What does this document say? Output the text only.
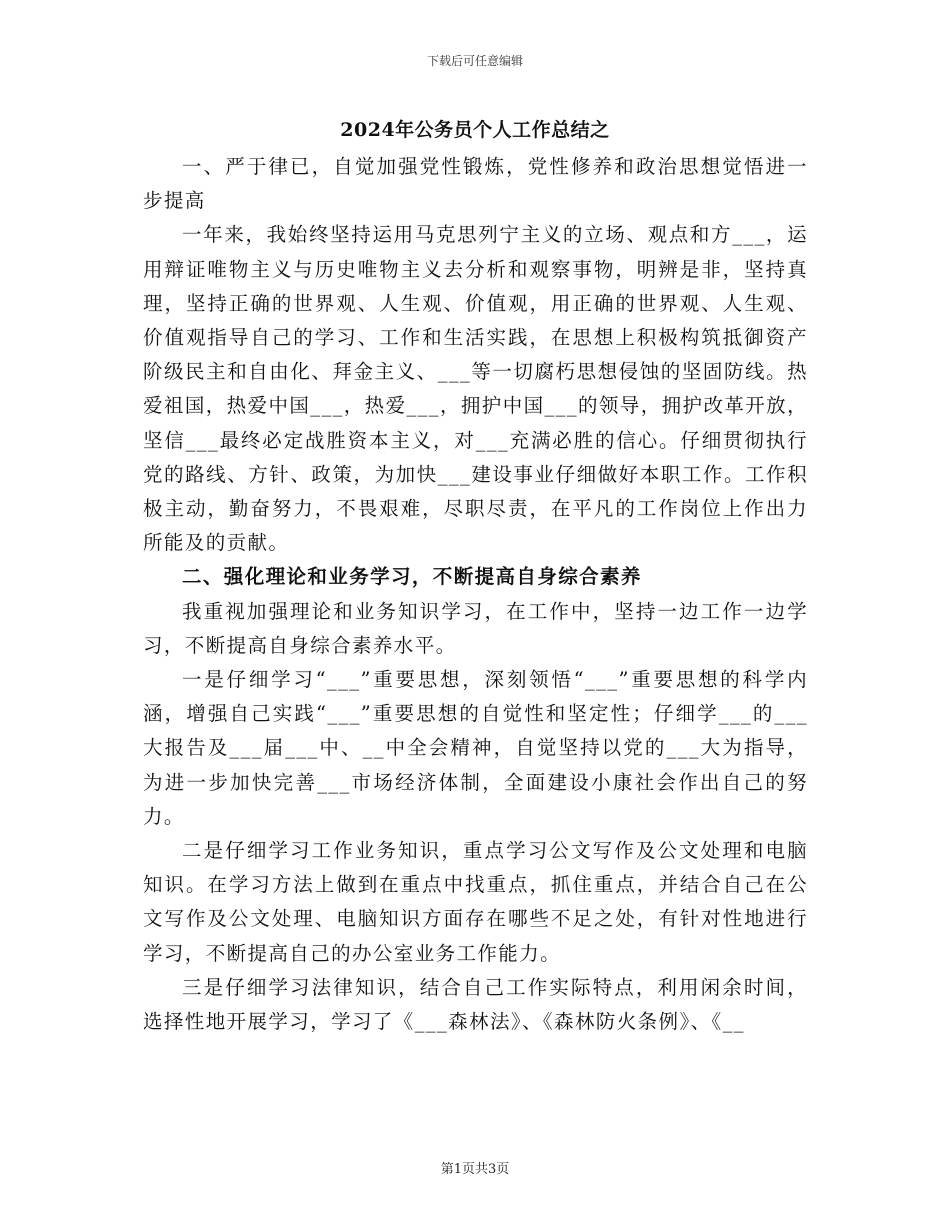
下载后可任意编辑
2024年公务员个人工作总结之

一、严于律已，自觉加强党性锻炼，党性修养和政治思想觉悟进一步提高

一年来，我始终坚持运用马克思列宁主义的立场、观点和方___，运用辩证唯物主义与历史唯物主义去分析和观察事物，明辨是非，坚持真理，坚持正确的世界观、人生观、价值观，用正确的世界观、人生观、价值观指导自己的学习、工作和生活实践，在思想上积极构筑抵御资产阶级民主和自由化、拜金主义、___等一切腐朽思想侵蚀的坚固防线。热爱祖国，热爱中国___，热爱___，拥护中国___的领导，拥护改革开放，坚信___最终必定战胜资本主义，对___充满必胜的信心。仔细贯彻执行党的路线、方针、政策，为加快___建设事业仔细做好本职工作。工作积极主动，勤奋努力，不畏艰难，尽职尽责，在平凡的工作岗位上作出力所能及的贡献。

二、强化理论和业务学习，不断提高自身综合素养

我重视加强理论和业务知识学习，在工作中，坚持一边工作一边学习，不断提高自身综合素养水平。

一是仔细学习“___”重要思想，深刻领悟“___”重要思想的科学内涵，增强自己实践“___”重要思想的自觉性和坚定性；仔细学___的___大报告及___届___中、__中全会精神，自觉坚持以党的___大为指导，为进一步加快完善___市场经济体制，全面建设小康社会作出自己的努力。

二是仔细学习工作业务知识，重点学习公文写作及公文处理和电脑知识。在学习方法上做到在重点中找重点，抓住重点，并结合自己在公文写作及公文处理、电脑知识方面存在哪些不足之处，有针对性地进行学习，不断提高自己的办公室业务工作能力。

三是仔细学习法律知识，结合自己工作实际特点，利用闲余时间，选择性地开展学习，学习了《___森林法》、《森林防火条例》、《__

第1页共3页
